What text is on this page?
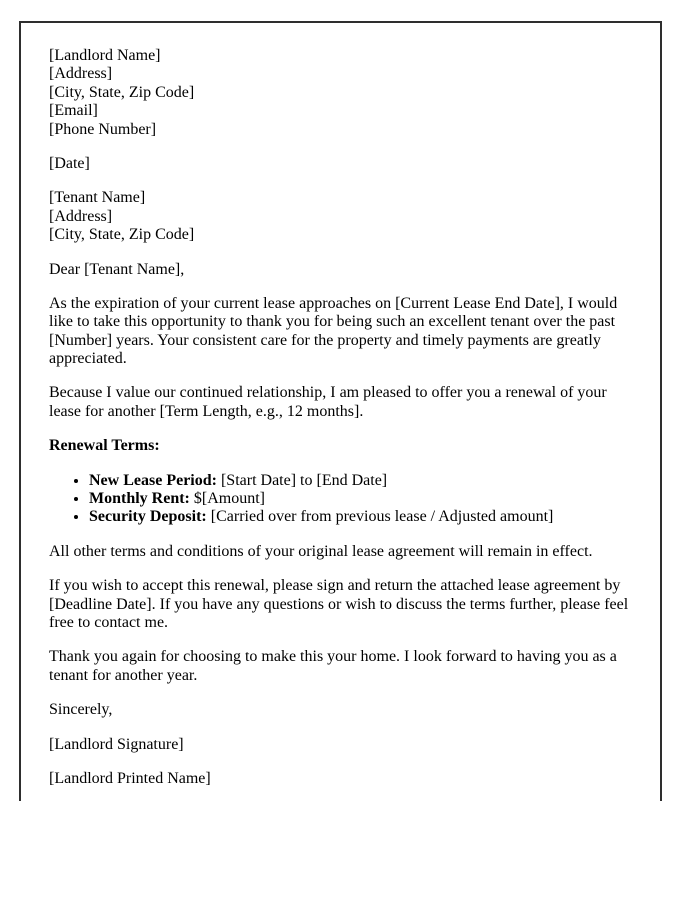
[Landlord Name]
[Address]
[City, State, Zip Code]
[Email]
[Phone Number]

[Date]

[Tenant Name]
[Address]
[City, State, Zip Code]

Dear [Tenant Name],

As the expiration of your current lease approaches on [Current Lease End Date], I would like to take this opportunity to thank you for being such an excellent tenant over the past [Number] years. Your consistent care for the property and timely payments are greatly appreciated.

Because I value our continued relationship, I am pleased to offer you a renewal of your lease for another [Term Length, e.g., 12 months].

Renewal Terms:

• New Lease Period: [Start Date] to [End Date]
• Monthly Rent: $[Amount]
• Security Deposit: [Carried over from previous lease / Adjusted amount]

All other terms and conditions of your original lease agreement will remain in effect.

If you wish to accept this renewal, please sign and return the attached lease agreement by [Deadline Date]. If you have any questions or wish to discuss the terms further, please feel free to contact me.

Thank you again for choosing to make this your home. I look forward to having you as a tenant for another year.

Sincerely,

[Landlord Signature]

[Landlord Printed Name]
